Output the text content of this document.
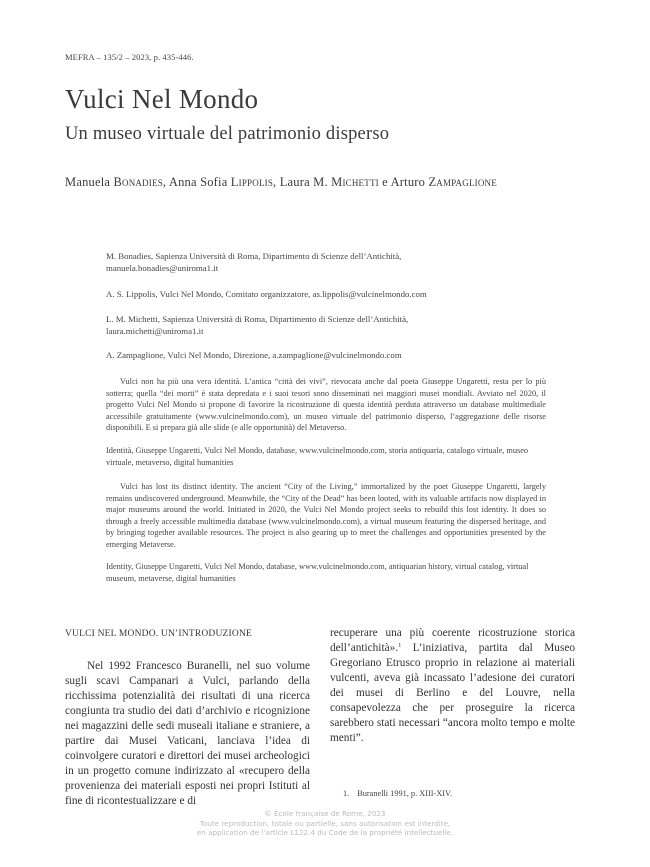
MEFRA – 135/2 – 2023, p. 435-446.
Vulci Nel Mondo
Un museo virtuale del patrimonio disperso
Manuela Bonadies, Anna Sofia Lippolis, Laura M. Michetti e Arturo Zampaglione
M. Bonadies, Sapienza Università di Roma, Dipartimento di Scienze dell’Antichità,
manuela.bonadies@uniroma1.it
A. S. Lippolis, Vulci Nel Mondo, Comitato organizzatore, as.lippolis@vulcinelmondo.com
L. M. Michetti, Sapienza Università di Roma, Dipartimento di Scienze dell’Antichità,
laura.michetti@uniroma1.it
A. Zampaglione, Vulci Nel Mondo, Direzione, a.zampaglione@vulcinelmondo.com

Vulci non ha più una vera identità. L’antica “città dei vivi”, rievocata anche dal poeta Giuseppe Ungaretti, resta per lo più sotterra; quella “dei morti” è stata depredata e i suoi tesori sono disseminati nei maggiori musei mondiali. Avviato nel 2020, il progetto Vulci Nel Mondo si propone di favorire la ricostruzione di questa identità perduta attraverso un database multimediale accessibile gratuitamente (www.vulcinelmondo.com), un museo virtuale del patrimonio disperso, l’aggregazione delle risorse disponibili. E si prepara già alle slide (e alle opportunità) del Metaverso.

Identità, Giuseppe Ungaretti, Vulci Nel Mondo, database, www.vulcinelmondo.com, storia antiquaria, catalogo virtuale, museo virtuale, metaverso, digital humanities

Vulci has lost its distinct identity. The ancient “City of the Living,” immortalized by the poet Giuseppe Ungaretti, largely remains undiscovered underground. Meanwhile, the “City of the Dead” has been looted, with its valuable artifacts now displayed in major museums around the world. Initiated in 2020, the Vulci Nel Mondo project seeks to rebuild this lost identity. It does so through a freely accessible multimedia database (www.vulcinelmondo.com), a virtual museum featuring the dispersed heritage, and by bringing together available resources. The project is also gearing up to meet the challenges and opportunities presented by the emerging Metaverse.

Identity, Giuseppe Ungaretti, Vulci Nel Mondo, database, www.vulcinelmondo.com, antiquarian history, virtual catalog, virtual museum, metaverse, digital humanities

VULCI NEL MONDO. UN’INTRODUZIONE

Nel 1992 Francesco Buranelli, nel suo volume sugli scavi Campanari a Vulci, parlando della ricchissima potenzialità dei risultati di una ricerca congiunta tra studio dei dati d’archivio e ricognizione nei magazzini delle sedi museali italiane e straniere, a partire dai Musei Vaticani, lanciava l’idea di coinvolgere curatori e direttori dei musei archeologici in un progetto comune indirizzato al «recupero della provenienza dei materiali esposti nei propri Istituti al fine di ricontestualizzare e di

recuperare una più coerente ricostruzione storica dell’antichità».$^1$ L’iniziativa, partita dal Museo Gregoriano Etrusco proprio in relazione ai materiali vulcenti, aveva già incassato l’adesione dei curatori dei musei di Berlino e del Louvre, nella consapevolezza che per proseguire la ricerca sarebbero stati necessari “ancora molto tempo e molte menti”.

1. Buranelli 1991, p. XIII-XIV.
© École française de Rome, 2023
Toute reproduction, totale ou partielle, sans autorisation est interdite,
en application de l’article L122.4 du Code de la propriété intellectuelle.
